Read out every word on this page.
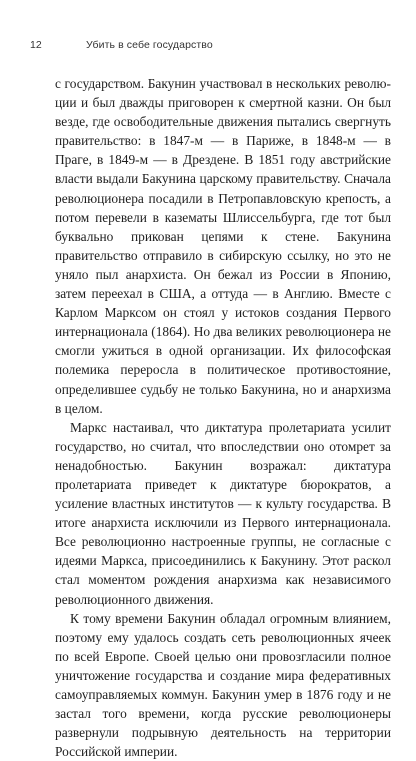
12	Убить в себе государство

с государством. Бакунин участвовал в нескольких революции и был дважды приговорен к смертной казни. Он был везде, где освободительные движения пытались свергнуть правительство: в 1847-м — в Париже, в 1848-м — в Праге, в 1849-м — в Дрездене. В 1851 году австрийские власти выдали Бакунина царскому правительству. Сначала революционера посадили в Петропавловскую крепость, а потом перевели в казематы Шлиссельбурга, где тот был буквально прикован цепями к стене. Бакунина правительство отправило в сибирскую ссылку, но это не уняло пыл анархиста. Он бежал из России в Японию, затем переехал в США, а оттуда — в Англию. Вместе с Карлом Марксом он стоял у истоков создания Первого интернационала (1864). Но два великих революционера не смогли ужиться в одной организации. Их философская полемика переросла в политическое противостояние, определившее судьбу не только Бакунина, но и анархизма в целом.

Маркс настаивал, что диктатура пролетариата усилит государство, но считал, что впоследствии оно отомрет за ненадобностью. Бакунин возражал: диктатура пролетариата приведет к диктатуре бюрократов, а усиление властных институтов — к культу государства. В итоге анархиста исключили из Первого интернационала. Все революционно настроенные группы, не согласные с идеями Маркса, присоединились к Бакунину. Этот раскол стал моментом рождения анархизма как независимого революционного движения.

К тому времени Бакунин обладал огромным влиянием, поэтому ему удалось создать сеть революционных ячеек по всей Европе. Своей целью они провозгласили полное уничтожение государства и создание мира федеративных самоуправляемых коммун. Бакунин умер в 1876 году и не застал того времени, когда русские революционеры развернули подрывную деятельность на территории Российской империи.
